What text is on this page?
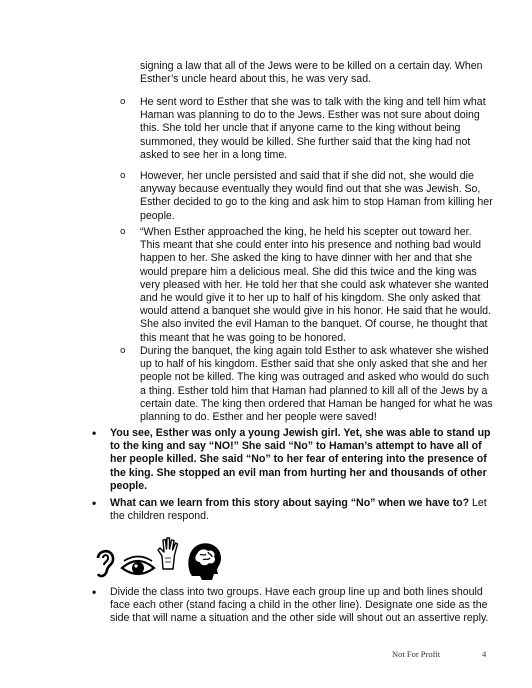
signing a law that all of the Jews were to be killed on a certain day. When Esther’s uncle heard about this, he was very sad.

o He sent word to Esther that she was to talk with the king and tell him what Haman was planning to do to the Jews. Esther was not sure about doing this. She told her uncle that if anyone came to the king without being summoned, they would be killed. She further said that the king had not asked to see her in a long time.
o However, her uncle persisted and said that if she did not, she would die anyway because eventually they would find out that she was Jewish. So, Esther decided to go to the king and ask him to stop Haman from killing her people.
o “When Esther approached the king, he held his scepter out toward her. This meant that she could enter into his presence and nothing bad would happen to her. She asked the king to have dinner with her and that she would prepare him a delicious meal. She did this twice and the king was very pleased with her. He told her that she could ask whatever she wanted and he would give it to her up to half of his kingdom. She only asked that would attend a banquet she would give in his honor. He said that he would. She also invited the evil Haman to the banquet. Of course, he thought that this meant that he was going to be honored.
o During the banquet, the king again told Esther to ask whatever she wished up to half of his kingdom. Esther said that she only asked that she and her people not be killed. The king was outraged and asked who would do such a thing. Esther told him that Haman had planned to kill all of the Jews by a certain date. The king then ordered that Haman be hanged for what he was planning to do. Esther and her people were saved!
• You see, Esther was only a young Jewish girl. Yet, she was able to stand up to the king and say “NO!” She said “No” to Haman’s attempt to have all of her people killed. She said “No” to her fear of entering into the presence of the king. She stopped an evil man from hurting her and thousands of other people.
• What can we learn from this story about saying “No” when we have to? Let the children respond.
• Divide the class into two groups. Have each group line up and both lines should face each other (stand facing a child in the other line). Designate one side as the side that will name a situation and the other side will shout out an assertive reply.
Not For Profit	4
